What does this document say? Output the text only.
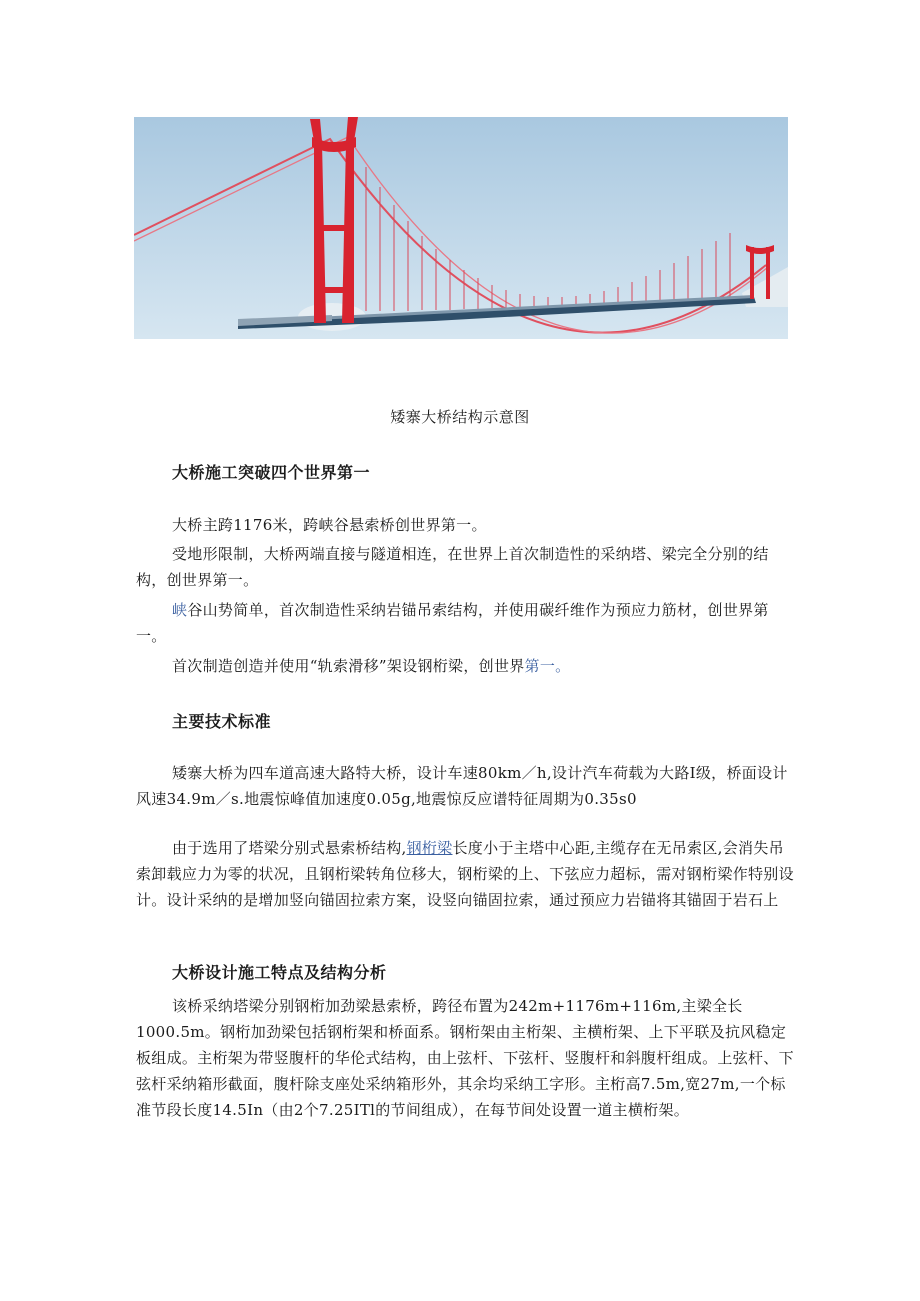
矮寨大桥结构示意图
大桥施工突破四个世界第一

大桥主跨1176米，跨峡谷悬索桥创世界第一。

受地形限制，大桥两端直接与隧道相连，在世界上首次制造性的采纳塔、梁完全分别的结构，创世界第一。

峡谷山势简单，首次制造性采纳岩锚吊索结构，并使用碳纤维作为预应力筋材，创世界第一。

首次制造创造并使用“轨索滑移”架设钢桁梁，创世界第一。

主要技术标准

矮寨大桥为四车道高速大路特大桥，设计车速80km／h,设计汽车荷载为大路Ⅰ级，桥面设计风速34.9m／s.地震惊峰值加速度0.05g,地震惊反应谱特征周期为0.35s0

由于选用了塔梁分别式悬索桥结构,钢桁梁长度小于主塔中心距,主缆存在无吊索区,会消失吊索卸载应力为零的状况，且钢桁梁转角位移大，钢桁梁的上、下弦应力超标，需对钢桁梁作特别设计。设计采纳的是增加竖向锚固拉索方案，设竖向锚固拉索，通过预应力岩锚将其锚固于岩石上

大桥设计施工特点及结构分析

该桥采纳塔梁分别钢桁加劲梁悬索桥，跨径布置为242m+1176m+116m,主梁全长1000.5m。钢桁加劲梁包括钢桁架和桥面系。钢桁架由主桁架、主横桁架、上下平联及抗风稳定板组成。主桁架为带竖腹杆的华伦式结构，由上弦杆、下弦杆、竖腹杆和斜腹杆组成。上弦杆、下弦杆采纳箱形截面，腹杆除支座处采纳箱形外，其余均采纳工字形。主桁高7.5m,宽27m,一个标准节段长度14.5In（由2个7.25ITl的节间组成），在每节间处设置一道主横桁架。
